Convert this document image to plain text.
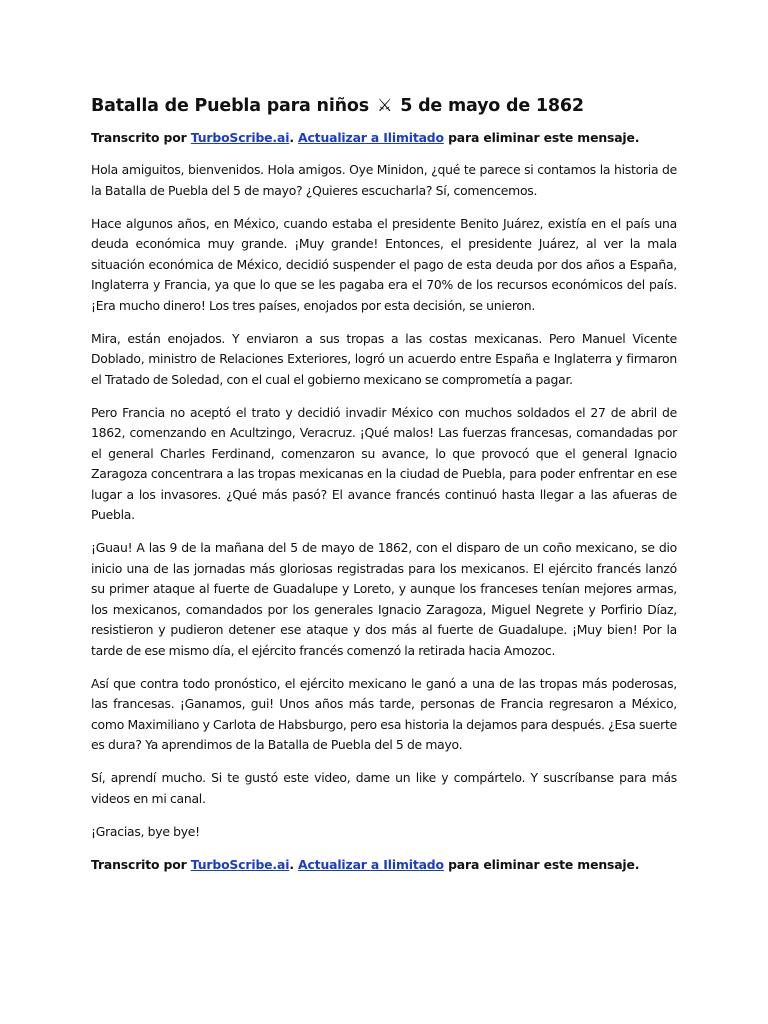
Batalla de Puebla para niños ⚔ 5 de mayo de 1862

Transcrito por TurboScribe.ai. Actualizar a Ilimitado para eliminar este mensaje.

Hola amiguitos, bienvenidos. Hola amigos. Oye Minidon, ¿qué te parece si contamos la historia de la Batalla de Puebla del 5 de mayo? ¿Quieres escucharla? Sí, comencemos.

Hace algunos años, en México, cuando estaba el presidente Benito Juárez, existía en el país una deuda económica muy grande. ¡Muy grande! Entonces, el presidente Juárez, al ver la mala situación económica de México, decidió suspender el pago de esta deuda por dos años a España, Inglaterra y Francia, ya que lo que se les pagaba era el 70% de los recursos económicos del país. ¡Era mucho dinero! Los tres países, enojados por esta decisión, se unieron.

Mira, están enojados. Y enviaron a sus tropas a las costas mexicanas. Pero Manuel Vicente Doblado, ministro de Relaciones Exteriores, logró un acuerdo entre España e Inglaterra y firmaron el Tratado de Soledad, con el cual el gobierno mexicano se comprometía a pagar.

Pero Francia no aceptó el trato y decidió invadir México con muchos soldados el 27 de abril de 1862, comenzando en Acultzingo, Veracruz. ¡Qué malos! Las fuerzas francesas, comandadas por el general Charles Ferdinand, comenzaron su avance, lo que provocó que el general Ignacio Zaragoza concentrara a las tropas mexicanas en la ciudad de Puebla, para poder enfrentar en ese lugar a los invasores. ¿Qué más pasó? El avance francés continuó hasta llegar a las afueras de Puebla.

¡Guau! A las 9 de la mañana del 5 de mayo de 1862, con el disparo de un coño mexicano, se dio inicio una de las jornadas más gloriosas registradas para los mexicanos. El ejército francés lanzó su primer ataque al fuerte de Guadalupe y Loreto, y aunque los franceses tenían mejores armas, los mexicanos, comandados por los generales Ignacio Zaragoza, Miguel Negrete y Porfirio Díaz, resistieron y pudieron detener ese ataque y dos más al fuerte de Guadalupe. ¡Muy bien! Por la tarde de ese mismo día, el ejército francés comenzó la retirada hacia Amozoc.

Así que contra todo pronóstico, el ejército mexicano le ganó a una de las tropas más poderosas, las francesas. ¡Ganamos, gui! Unos años más tarde, personas de Francia regresaron a México, como Maximiliano y Carlota de Habsburgo, pero esa historia la dejamos para después. ¿Esa suerte es dura? Ya aprendimos de la Batalla de Puebla del 5 de mayo.

Sí, aprendí mucho. Si te gustó este video, dame un like y compártelo. Y suscríbanse para más videos en mi canal.

¡Gracias, bye bye!

Transcrito por TurboScribe.ai. Actualizar a Ilimitado para eliminar este mensaje.
